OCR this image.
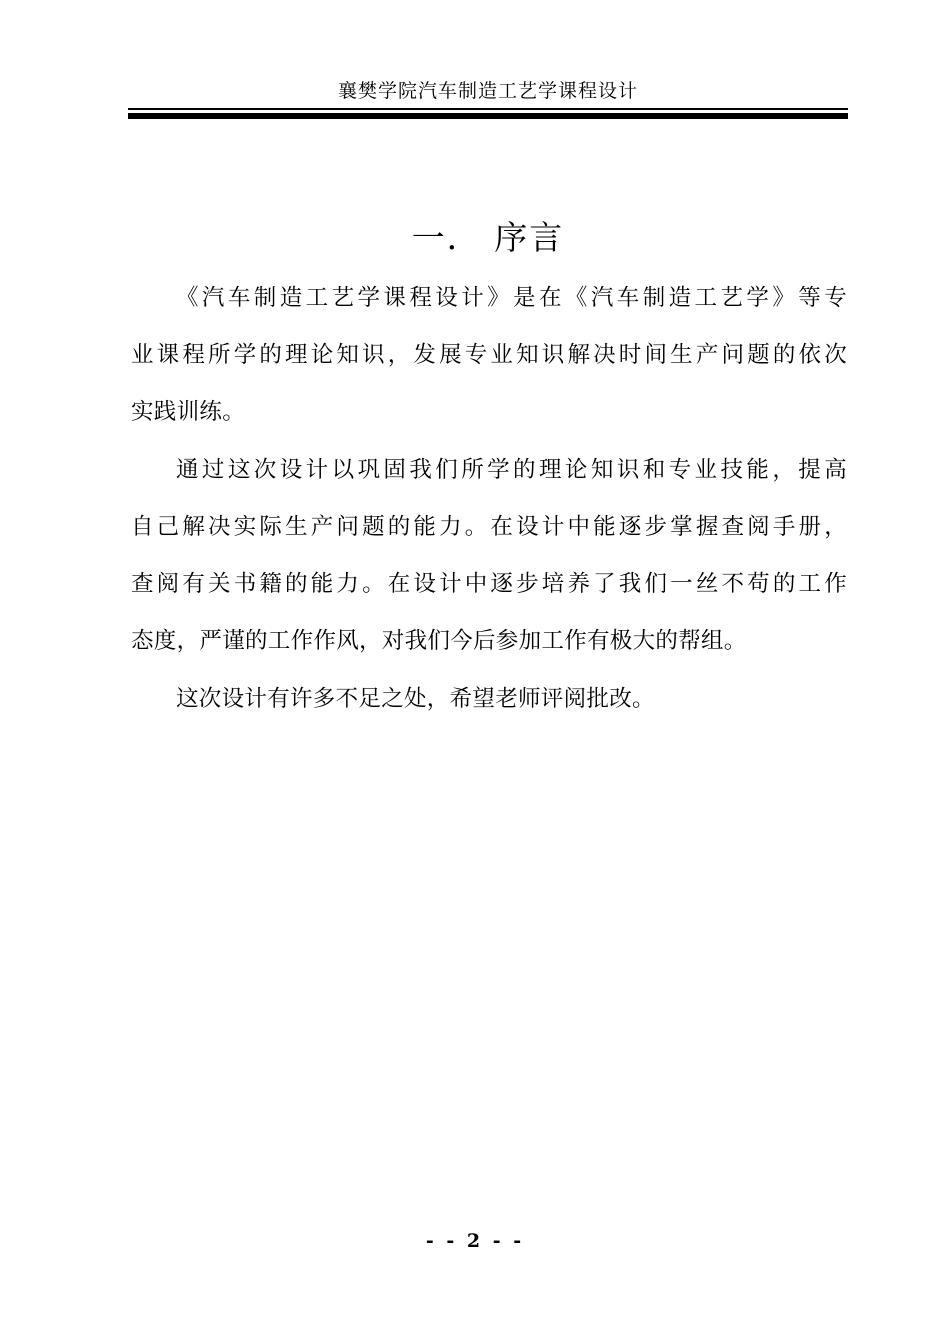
襄樊学院汽车制造工艺学课程设计
一． 序言
《汽车制造工艺学课程设计》是在《汽车制造工艺学》等专
业课程所学的理论知识，发展专业知识解决时间生产问题的依次
实践训练。
通过这次设计以巩固我们所学的理论知识和专业技能，提高
自己解决实际生产问题的能力。在设计中能逐步掌握查阅手册，
查阅有关书籍的能力。在设计中逐步培养了我们一丝不苟的工作
态度，严谨的工作作风，对我们今后参加工作有极大的帮组。
这次设计有许多不足之处，希望老师评阅批改。
- - 2 - -
